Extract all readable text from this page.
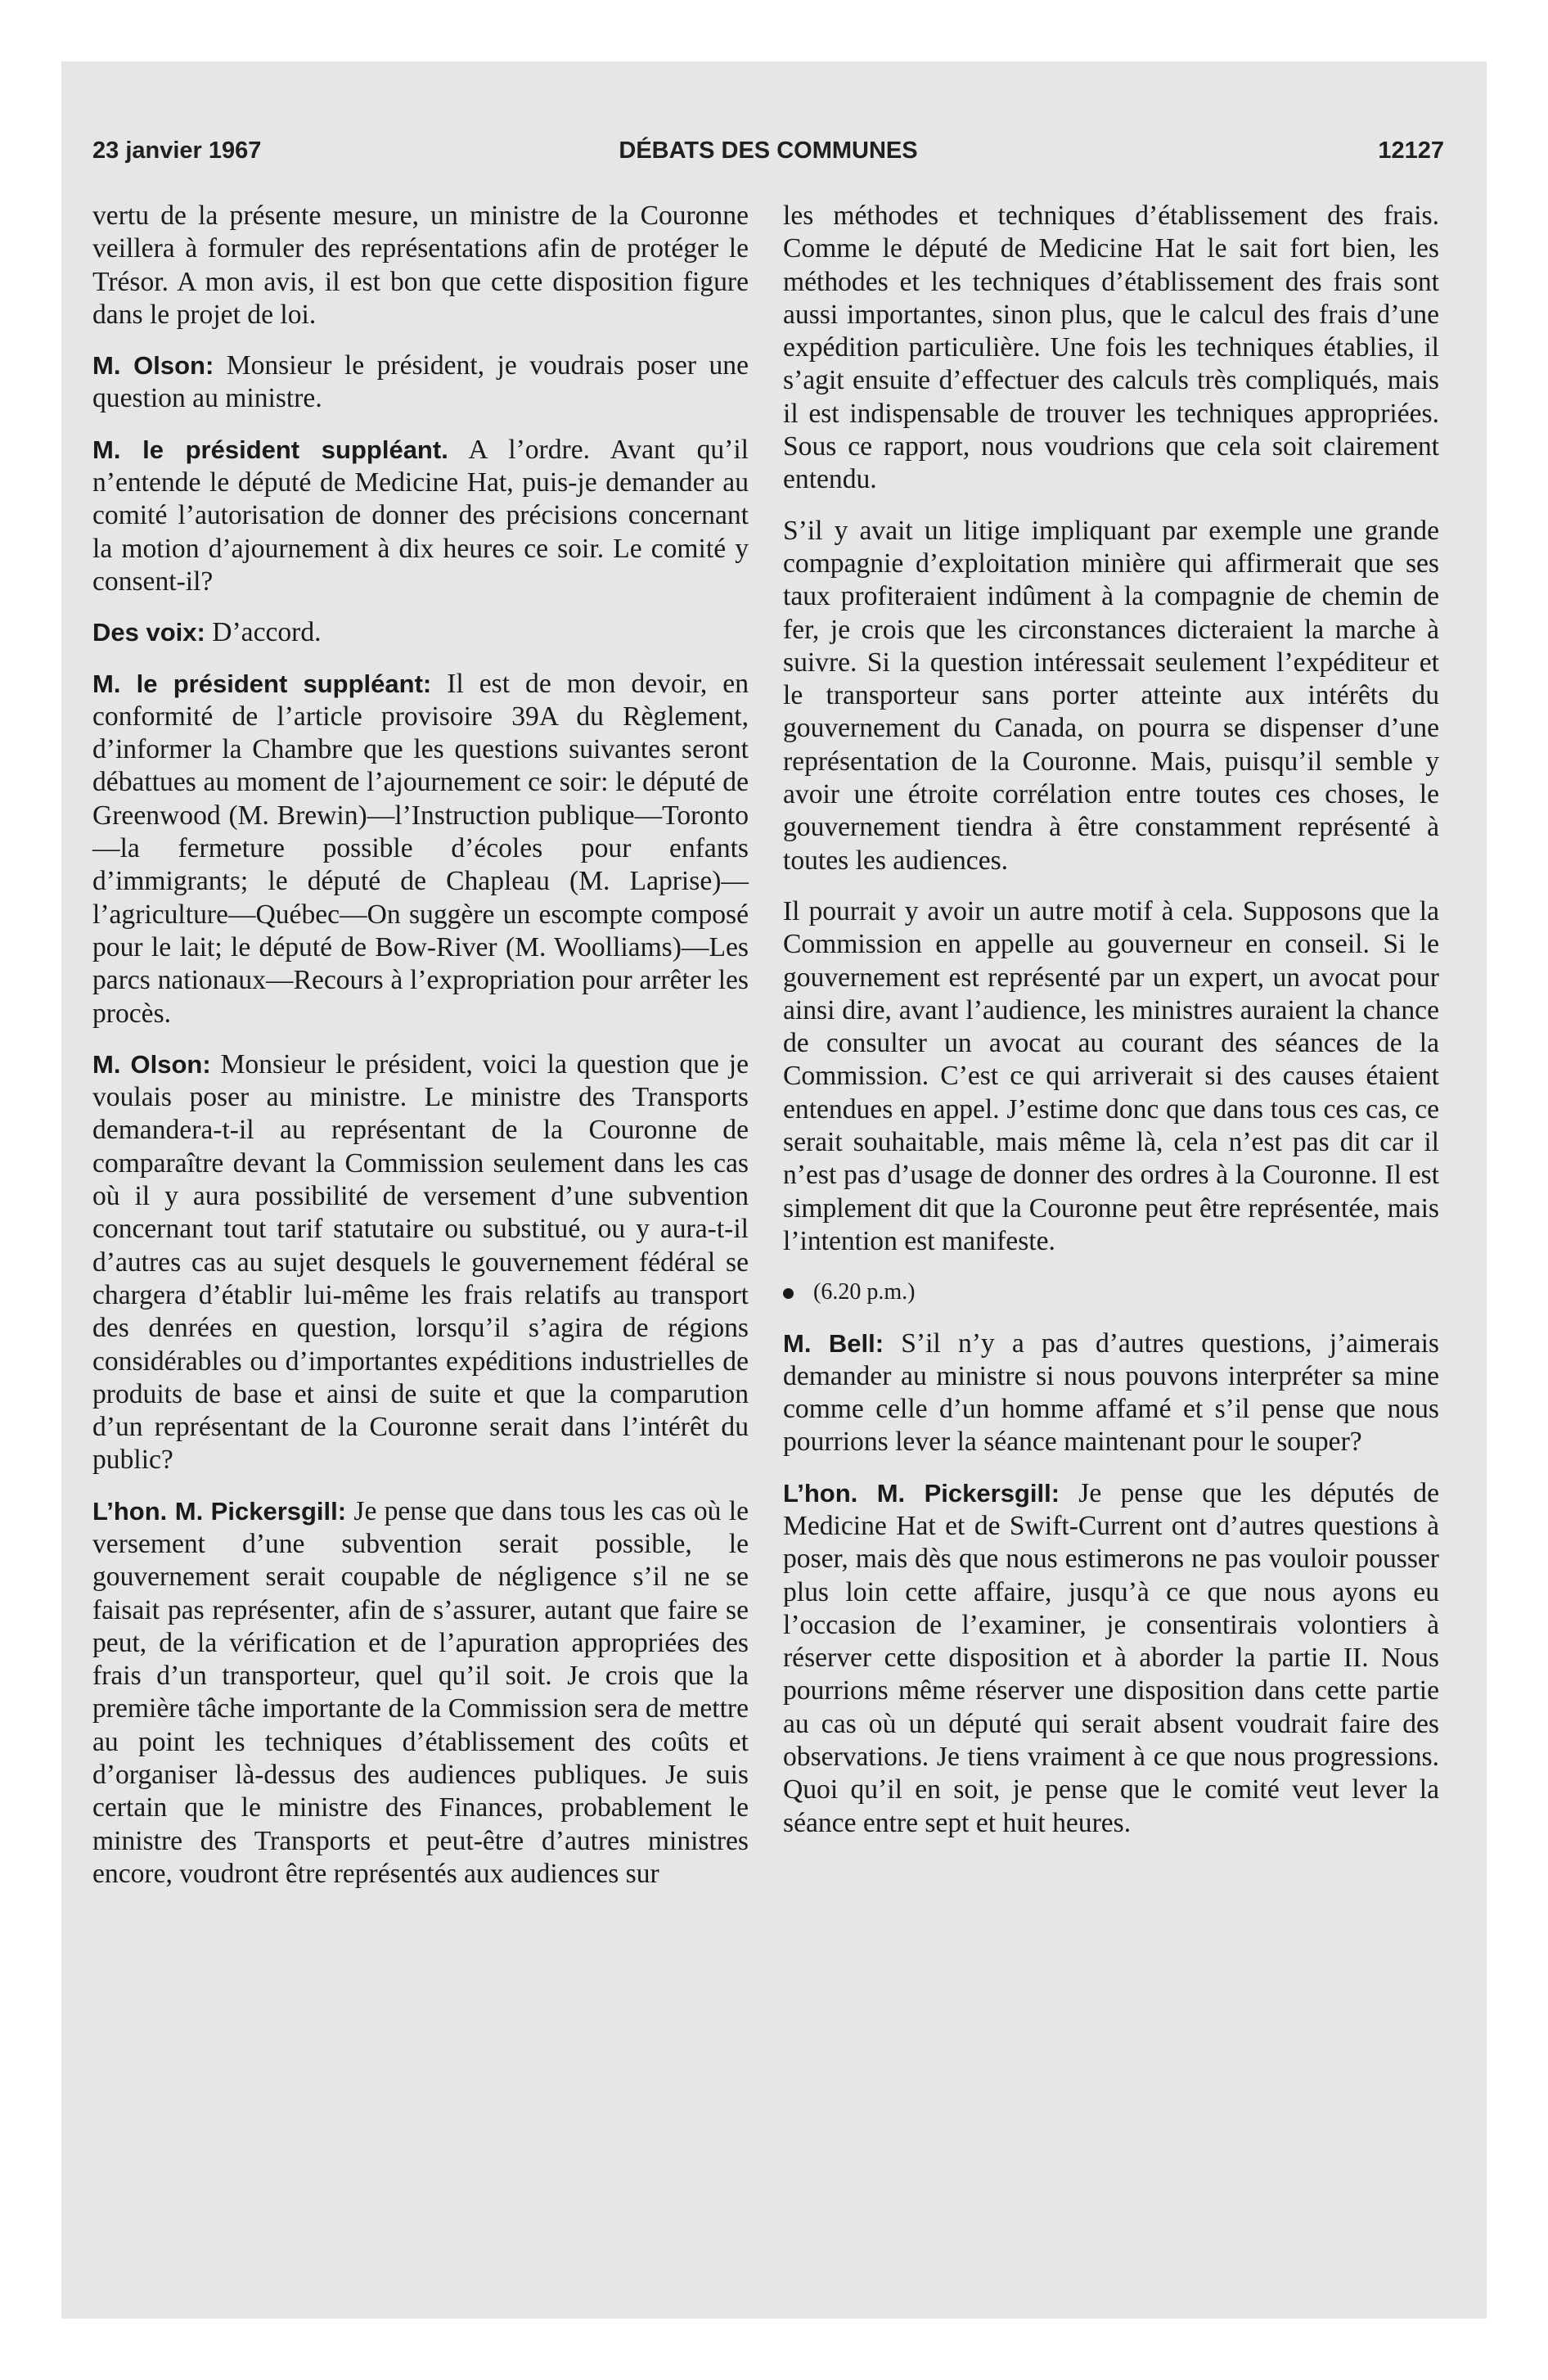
23 janvier 1967	DÉBATS DES COMMUNES	12127

vertu de la présente mesure, un ministre de la Couronne veillera à formuler des représentations afin de protéger le Trésor. A mon avis, il est bon que cette disposition figure dans le projet de loi.

M. Olson: Monsieur le président, je voudrais poser une question au ministre.

M. le président suppléant. A l’ordre. Avant qu’il n’entende le député de Medicine Hat, puis-je demander au comité l’autorisation de donner des précisions concernant la motion d’ajournement à dix heures ce soir. Le comité y consent-il?

Des voix: D’accord.

M. le président suppléant: Il est de mon devoir, en conformité de l’article provisoire 39A du Règlement, d’informer la Chambre que les questions suivantes seront débattues au moment de l’ajournement ce soir: le député de Greenwood (M. Brewin)—l’Instruction publique—Toronto—la fermeture possible d’écoles pour enfants d’immigrants; le député de Chapleau (M. Laprise)—l’agriculture—Québec—On suggère un escompte composé pour le lait; le député de Bow-River (M. Woolliams)—Les parcs nationaux—Recours à l’expropriation pour arrêter les procès.

M. Olson: Monsieur le président, voici la question que je voulais poser au ministre. Le ministre des Transports demandera-t-il au représentant de la Couronne de comparaître devant la Commission seulement dans les cas où il y aura possibilité de versement d’une subvention concernant tout tarif statutaire ou substitué, ou y aura-t-il d’autres cas au sujet desquels le gouvernement fédéral se chargera d’établir lui-même les frais relatifs au transport des denrées en question, lorsqu’il s’agira de régions considérables ou d’importantes expéditions industrielles de produits de base et ainsi de suite et que la comparution d’un représentant de la Couronne serait dans l’intérêt du public?

L’hon. M. Pickersgill: Je pense que dans tous les cas où le versement d’une subvention serait possible, le gouvernement serait coupable de négligence s’il ne se faisait pas représenter, afin de s’assurer, autant que faire se peut, de la vérification et de l’apuration appropriées des frais d’un transporteur, quel qu’il soit. Je crois que la première tâche importante de la Commission sera de mettre au point les techniques d’établissement des coûts et d’organiser là-dessus des audiences publiques. Je suis certain que le ministre des Finances, probablement le ministre des Transports et peut-être d’autres ministres encore, voudront être représentés aux audiences sur

les méthodes et techniques d’établissement des frais. Comme le député de Medicine Hat le sait fort bien, les méthodes et les techniques d’établissement des frais sont aussi importantes, sinon plus, que le calcul des frais d’une expédition particulière. Une fois les techniques établies, il s’agit ensuite d’effectuer des calculs très compliqués, mais il est indispensable de trouver les techniques appropriées. Sous ce rapport, nous voudrions que cela soit clairement entendu.

S’il y avait un litige impliquant par exemple une grande compagnie d’exploitation minière qui affirmerait que ses taux profiteraient indûment à la compagnie de chemin de fer, je crois que les circonstances dicteraient la marche à suivre. Si la question intéressait seulement l’expéditeur et le transporteur sans porter atteinte aux intérêts du gouvernement du Canada, on pourra se dispenser d’une représentation de la Couronne. Mais, puisqu’il semble y avoir une étroite corrélation entre toutes ces choses, le gouvernement tiendra à être constamment représenté à toutes les audiences.

Il pourrait y avoir un autre motif à cela. Supposons que la Commission en appelle au gouverneur en conseil. Si le gouvernement est représenté par un expert, un avocat pour ainsi dire, avant l’audience, les ministres auraient la chance de consulter un avocat au courant des séances de la Commission. C’est ce qui arriverait si des causes étaient entendues en appel. J’estime donc que dans tous ces cas, ce serait souhaitable, mais même là, cela n’est pas dit car il n’est pas d’usage de donner des ordres à la Couronne. Il est simplement dit que la Couronne peut être représentée, mais l’intention est manifeste.

(6.20 p.m.)

M. Bell: S’il n’y a pas d’autres questions, j’aimerais demander au ministre si nous pouvons interpréter sa mine comme celle d’un homme affamé et s’il pense que nous pourrions lever la séance maintenant pour le souper?

L’hon. M. Pickersgill: Je pense que les députés de Medicine Hat et de Swift-Current ont d’autres questions à poser, mais dès que nous estimerons ne pas vouloir pousser plus loin cette affaire, jusqu’à ce que nous ayons eu l’occasion de l’examiner, je consentirais volontiers à réserver cette disposition et à aborder la partie II. Nous pourrions même réserver une disposition dans cette partie au cas où un député qui serait absent voudrait faire des observations. Je tiens vraiment à ce que nous progressions. Quoi qu’il en soit, je pense que le comité veut lever la séance entre sept et huit heures.
